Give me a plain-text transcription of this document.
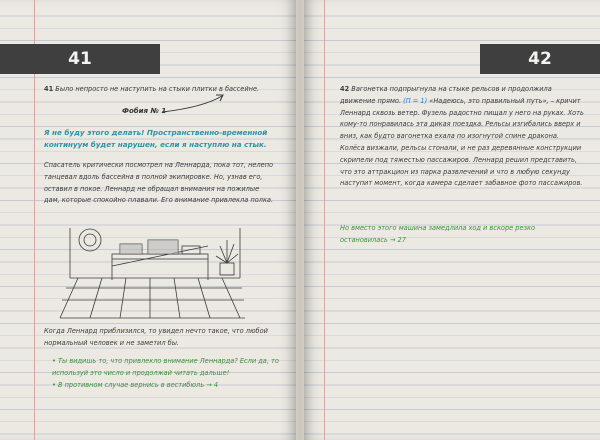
41
41 Было непросто не наступить на стыки плитки в бассейне.
Фобия № 1
Я не буду этого делать! Пространственно-временной континуум будет нарушен, если я наступлю на стык.
Спасатель критически посмотрел на Леннарда, пока тот, нелепо танцевал вдоль бассейна в полной экипировке. Но, узнав его, оставил в покое. Леннард не обращал внимания на пожилые дам, которые спокойно плавали. Его внимание привлекла полка.
Когда Леннард приблизился, то увидел нечто такое, что любой нормальный человек и не заметил бы.
• Ты видишь то, что привлекло внимание Леннарда? Если да, то используй это число и продолжай читать дальше!
• В противном случае вернись в вестибюль → 4
42
42 Вагонетка подпрыгнула на стыке рельсов и продолжила движение прямо. (П = 1) «Надеюсь, это правильный путь», – кричит Леннард сквозь ветер. Фузель радостно пищал у него на руках. Хоть кому-то понравилась эта дикая поездка. Рельсы изгибались вверх и вниз, как будто вагонетка ехала по изогнутой спине дракона. Колёса визжали, рельсы стонали, и не раз деревянные конструкции скрипели под тяжестью пассажиров. Леннард решил представить, что это аттракцион из парка развлечений и что в любую секунду наступит момент, когда камера сделает забавное фото пассажиров.
Но вместо этого машина замедлила ход и вскоре резко остановилась → 27
